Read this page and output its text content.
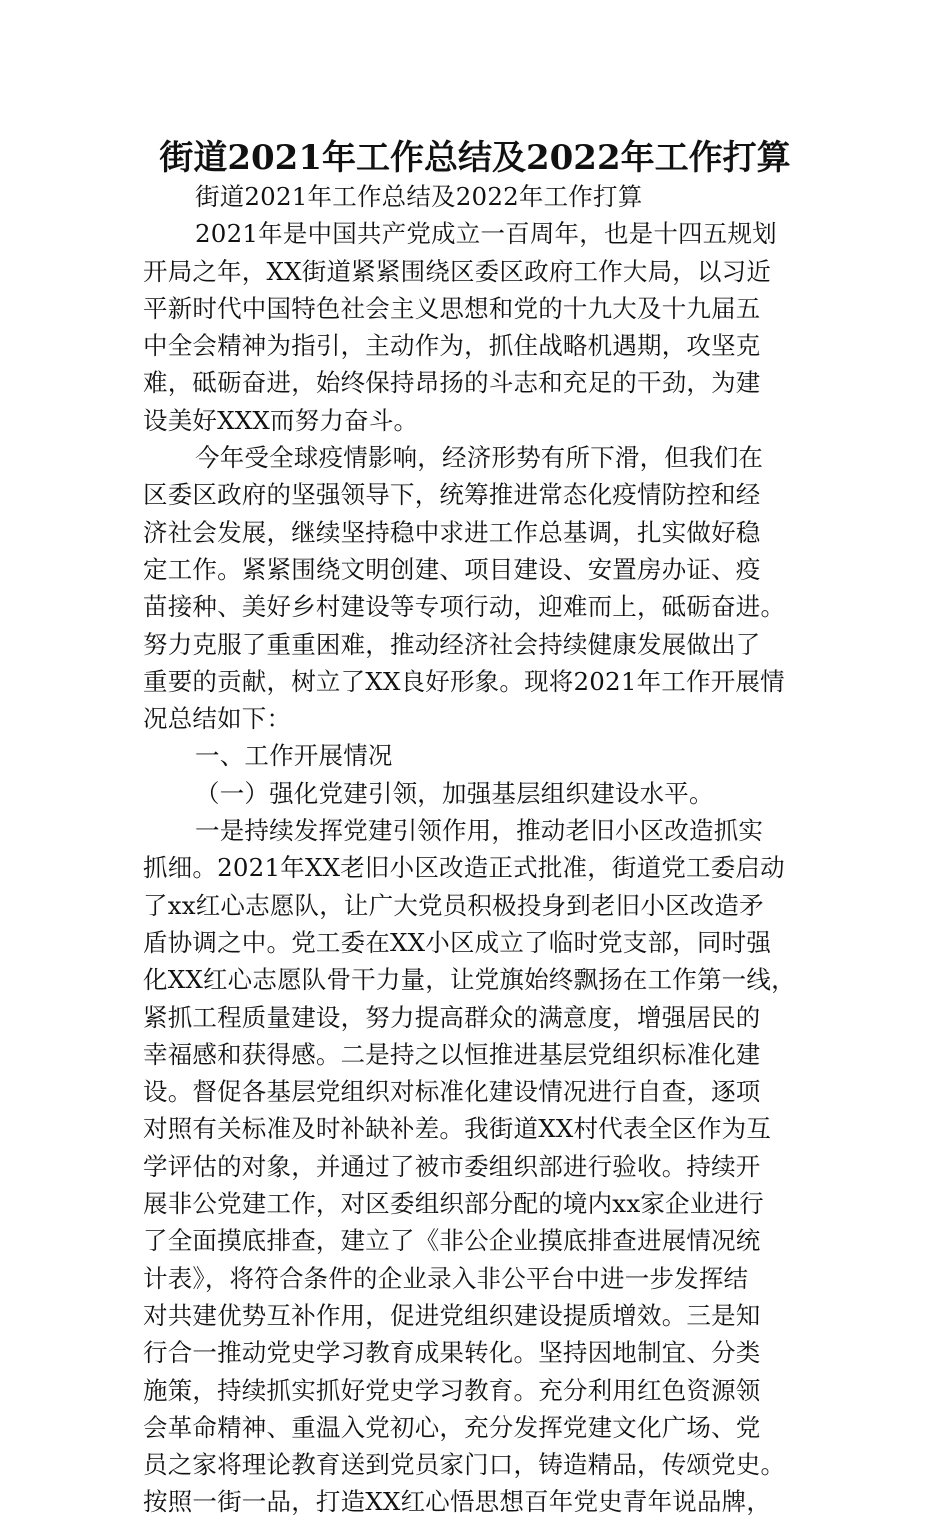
街道2021年工作总结及2022年工作打算
街道2021年工作总结及2022年工作打算
2021年是中国共产党成立一百周年，也是十四五规划
开局之年，XX街道紧紧围绕区委区政府工作大局，以习近
平新时代中国特色社会主义思想和党的十九大及十九届五
中全会精神为指引，主动作为，抓住战略机遇期，攻坚克
难，砥砺奋进，始终保持昂扬的斗志和充足的干劲，为建
设美好XXX而努力奋斗。
今年受全球疫情影响，经济形势有所下滑，但我们在
区委区政府的坚强领导下，统筹推进常态化疫情防控和经
济社会发展，继续坚持稳中求进工作总基调，扎实做好稳
定工作。紧紧围绕文明创建、项目建设、安置房办证、疫
苗接种、美好乡村建设等专项行动，迎难而上，砥砺奋进。
努力克服了重重困难，推动经济社会持续健康发展做出了
重要的贡献，树立了XX良好形象。现将2021年工作开展情
况总结如下：
一、工作开展情况
（一）强化党建引领，加强基层组织建设水平。
一是持续发挥党建引领作用，推动老旧小区改造抓实
抓细。2021年XX老旧小区改造正式批准，街道党工委启动
了xx红心志愿队，让广大党员积极投身到老旧小区改造矛
盾协调之中。党工委在XX小区成立了临时党支部，同时强
化XX红心志愿队骨干力量，让党旗始终飘扬在工作第一线，
紧抓工程质量建设，努力提高群众的满意度，增强居民的
幸福感和获得感。二是持之以恒推进基层党组织标准化建
设。督促各基层党组织对标准化建设情况进行自查，逐项
对照有关标准及时补缺补差。我街道XX村代表全区作为互
学评估的对象，并通过了被市委组织部进行验收。持续开
展非公党建工作，对区委组织部分配的境内xx家企业进行
了全面摸底排查，建立了《非公企业摸底排查进展情况统
计表》，将符合条件的企业录入非公平台中进一步发挥结
对共建优势互补作用，促进党组织建设提质增效。三是知
行合一推动党史学习教育成果转化。坚持因地制宜、分类
施策，持续抓实抓好党史学习教育。充分利用红色资源领
会革命精神、重温入党初心，充分发挥党建文化广场、党
员之家将理论教育送到党员家门口，铸造精品，传颂党史。
按照一街一品，打造XX红心悟思想百年党史青年说品牌，
